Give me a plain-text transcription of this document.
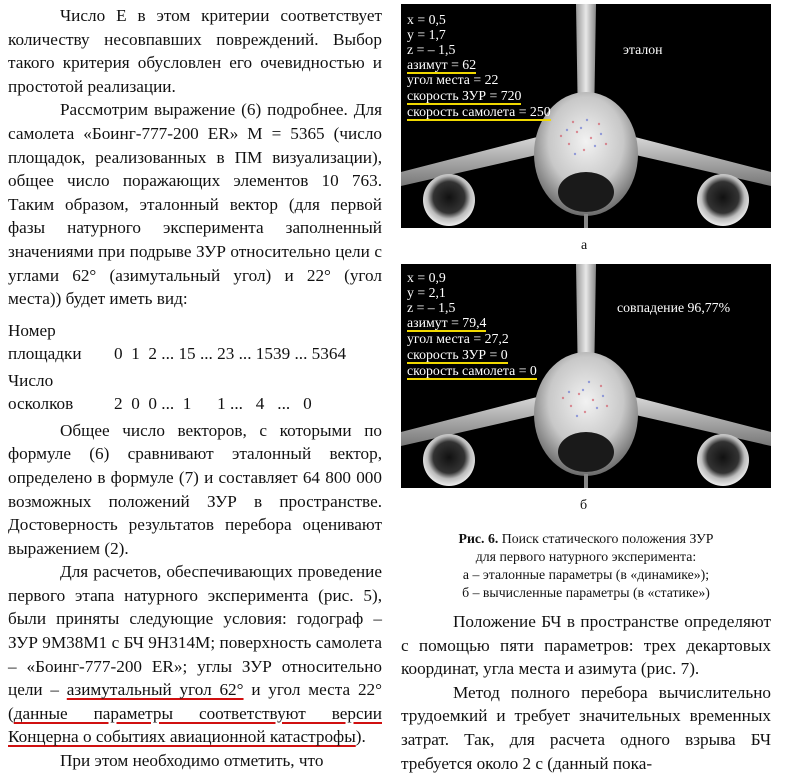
Число E в этом критерии соответствует количеству несовпавших повреждений. Выбор такого критерия обусловлен его очевидностью и простотой реализации.

Рассмотрим выражение (6) подробнее. Для самолета «Боинг-777-200 ER» M = 5365 (число площадок, реализованных в ПМ визуализации), общее число поражающих элементов 10 763. Таким образом, эталонный вектор (для первой фазы натурного эксперимента заполненный значениями при подрыве ЗУР относительно цели с углами 62° (азимутальный угол) и 22° (угол места)) будет иметь вид:

Номер площадки	0  1  2 ... 15 ... 23 ... 1539 ... 5364
Число осколков	2  0  0 ...  1      1 ...   4   ...   0

Общее число векторов, с которыми по формуле (6) сравнивают эталонный вектор, определено в формуле (7) и составляет 64 800 000 возможных положений ЗУР в пространстве. Достоверность результатов перебора оценивают выражением (2).

Для расчетов, обеспечивающих проведение первого этапа натурного эксперимента (рис. 5), были приняты следующие условия: годограф – ЗУР 9М38М1 с БЧ 9Н314М; поверхность самолета – «Боинг-777-200 ER»; углы ЗУР относительно цели – азимутальный угол 62° и угол места 22° (данные параметры соответствуют версии Концерна о событиях авиационной катастрофы).

При этом необходимо отметить, что

x = 0,5
y = 1,7
z = – 1,5
азимут = 62
угол места = 22
скорость ЗУР = 720
скорость самолета = 250
эталон
а
x = 0,9
y = 2,1
z = – 1,5
азимут = 79,4
угол места = 27,2
скорость ЗУР = 0
скорость самолета = 0
совпадение 96,77%
б
Рис. 6. Поиск статического положения ЗУР
для первого натурного эксперимента:
а – эталонные параметры (в «динамике»);
б – вычисленные параметры (в «статике»)

Положение БЧ в пространстве определяют с помощью пяти параметров: трех декартовых координат, угла места и азимута (рис. 7).

Метод полного перебора вычислительно трудоемкий и требует значительных временных затрат. Так, для расчета одного взрыва БЧ требуется около 2 с (данный пока-
